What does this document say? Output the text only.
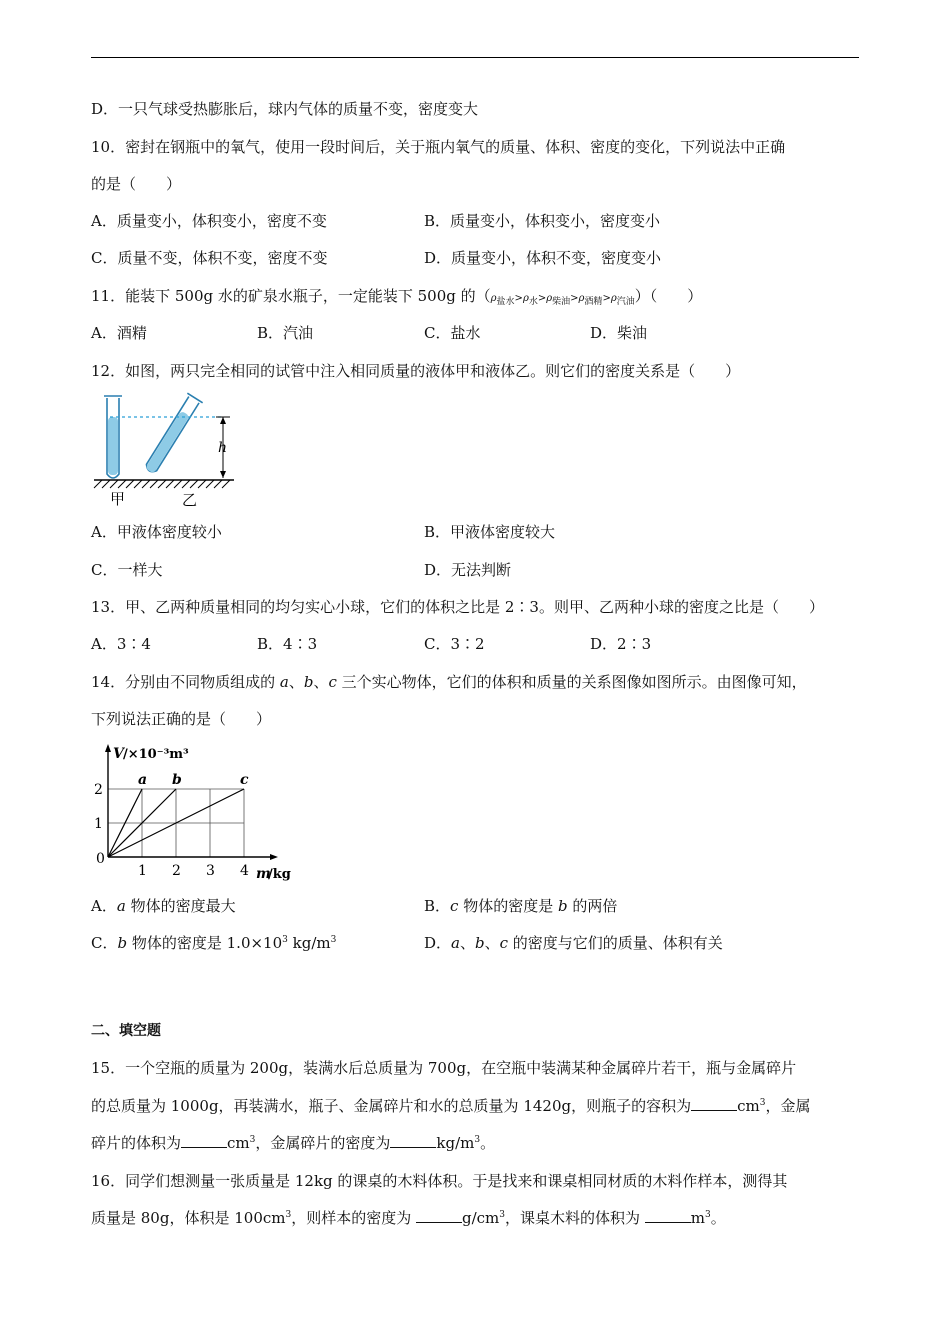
D．一只气球受热膨胀后，球内气体的质量不变，密度变大
10．密封在钢瓶中的氧气，使用一段时间后，关于瓶内氧气的质量、体积、密度的变化，下列说法中正确
的是（　　）
A．质量变小，体积变小，密度不变	B．质量变小，体积变小，密度变小
C．质量不变，体积不变，密度不变	D．质量变小，体积不变，密度变小
11．能装下 500g 水的矿泉水瓶子，一定能装下 500g 的$(\rho_{盐水}>\rho_水>\rho_{柴油}>\rho_{酒精}>\rho_{汽油})$（　　）
A．酒精	B．汽油	C．盐水	D．柴油
12．如图，两只完全相同的试管中注入相同质量的液体甲和液体乙。则它们的密度关系是（　　）
h
甲	乙
A．甲液体密度较小	B．甲液体密度较大
C．一样大	D．无法判断
13．甲、乙两种质量相同的均匀实心小球，它们的体积之比是 2∶3。则甲、乙两种小球的密度之比是（　　）
A．3∶4	B．4∶3	C．3∶2	D．2∶3
14．分别由不同物质组成的 a、b、c 三个实心物体，它们的体积和质量的关系图像如图所示。由图像可知，
下列说法正确的是（　　）
V /×10⁻³m³
m
/kg
0
1 2 3 4
1
2
a b	c
A．a 物体的密度最大	B．c 物体的密度是 b 的两倍
C．b 物体的密度是 $1.0\times 10^3$ $kg/m^3$	D．a、b、c 的密度与它们的质量、体积有关
二、填空题
15．一个空瓶的质量为 200g，装满水后总质量为 700g，在空瓶中装满某种金属碎片若干，瓶与金属碎片
的总质量为 1000g，再装满水，瓶子、金属碎片和水的总质量为 1420g，则瓶子的容积为	$cm^3$，金属
碎片的体积为	$cm^3$，金属碎片的密度为	$kg/m^3$。
16．同学们想测量一张质量是 12kg 的课桌的木料体积。于是找来和课桌相同材质的木料作样本，测得其
质量是 80g，体积是 $100cm^3$，则样本的密度为	$g/cm^3$，课桌木料的体积为	$m^3$。
